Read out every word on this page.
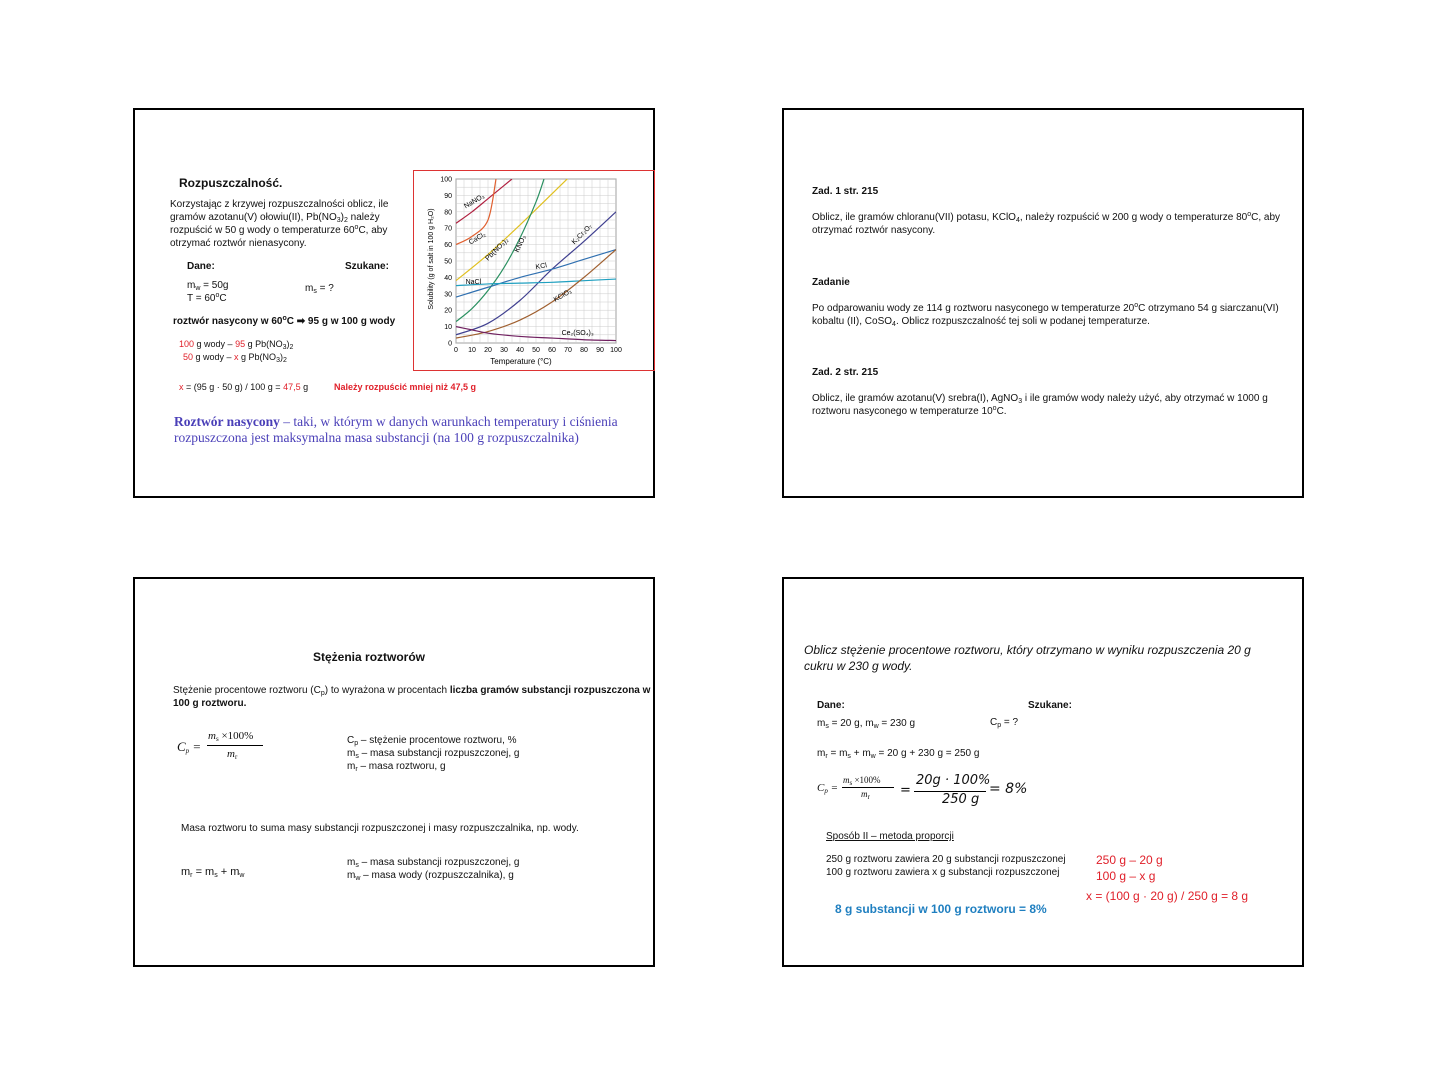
Rozpuszczalność.
Korzystając z krzywej rozpuszczalności oblicz, ile
gramów azotanu(V) ołowiu(II), $Pb(NO_3)_2$ należy
rozpuścić w 50 g wody o temperaturze 60$^o$C, aby
otrzymać roztwór nienasycony.
Dane:	Szukane:
$m_w = 50g$
$T = 60^oC$
$m_s$ = ?
roztwór nasycony w 60$^o$C ➡ 95 g w 100 g wody
100 g wody – 95 g $Pb(NO_3)_2$
50 g wody – x g $Pb(NO_3)_2$
x = (95 g · 50 g) / 100 g = 47,5 g	Należy rozpuścić mniej niż 47,5 g
Roztwór nasycony – taki, w którym w danych warunkach temperatury i ciśnienia
rozpuszczona jest maksymalna masa substancji (na 100 g rozpuszczalnika)
NaNO₃
CaCl₂
Pb(NO₃)₂ KNO₃	K₂Cr₂O₇
KCl
NaCl
KClO₃
Ce₂(SO₄)₃
0 10 20 30 40 50 60 70 80 90 100
0
10
20
30
40
50
60
70
80
90
100
Temperature (°C)
Solubility (g of salt in 100 g H₂O)
Zad. 1 str. 215
Oblicz, ile gramów chloranu(VII) potasu, KClO$_4$, należy rozpuścić w 200 g wody o temperaturze 80$^o$C, aby
otrzymać roztwór nasycony.
Zadanie
Po odparowaniu wody ze 114 g roztworu nasyconego w temperaturze 20$^o$C otrzymano 54 g siarczanu(VI)
kobaltu (II), CoSO$_4$. Oblicz rozpuszczalność tej soli w podanej temperaturze.
Zad. 2 str. 215
Oblicz, ile gramów azotanu(V) srebra(I), AgNO$_3$ i ile gramów wody należy użyć, aby otrzymać w 1000 g
roztworu nasyconego w temperaturze 10$^o$C.
Stężenia roztworów
Stężenie procentowe roztworu $(C_p)$ to wyrażona w procentach liczba gramów substancji rozpuszczona w
100 g roztworu.
$C_p$ =
$m_s \times 100\%$
$m_r$
$C_p$ – stężenie procentowe roztworu, %
$m_s$ – masa substancji rozpuszczonej, g
$m_r$ – masa roztworu, g
Masa roztworu to suma masy substancji rozpuszczonej i masy rozpuszczalnika, np. wody.
$m_r = m_s + m_w$
$m_s$ – masa substancji rozpuszczonej, g
$m_w$ – masa wody (rozpuszczalnika), g
Oblicz stężenie procentowe roztworu, który otrzymano w wyniku rozpuszczenia 20 g
cukru w 230 g wody.
Dane:	Szukane:
$m_s = 20$ g, $m_w = 230$ g	$C_p$ = ?
$m_r = m_s + m_w = 20$ g + 230 g = 250 g
$C_p$ =
$m_s \times 100\%$
$m_r$ =
20g · 100%
250 g
= 8%
Sposób II – metoda proporcji
250 g roztworu zawiera 20 g substancji rozpuszczonej
100 g roztworu zawiera x g substancji rozpuszczonej
250 g – 20 g
100 g – x g
x = (100 g · 20 g) / 250 g = 8 g
8 g substancji w 100 g roztworu = 8%
